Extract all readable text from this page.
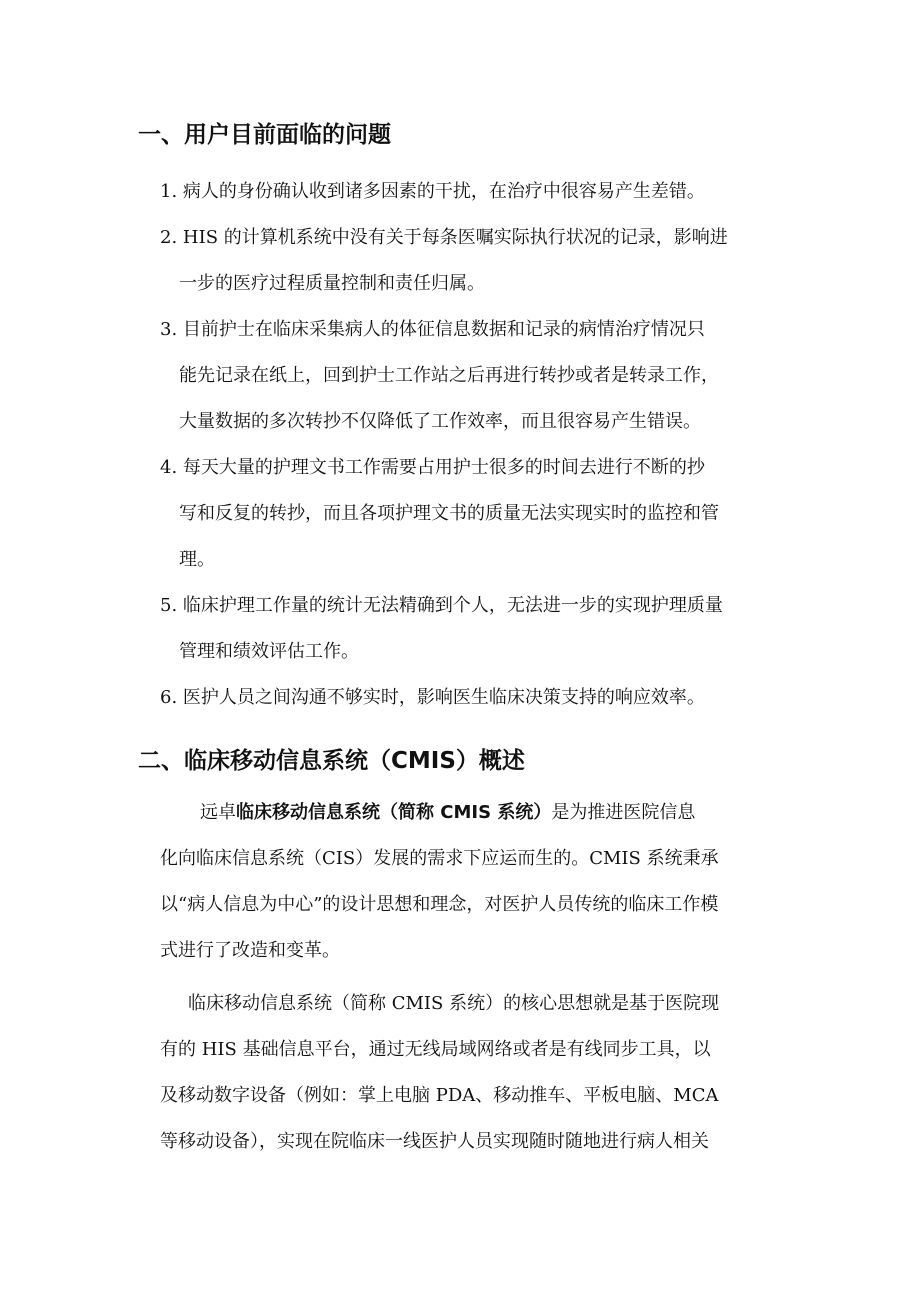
一、用户目前面临的问题
1. 病人的身份确认收到诸多因素的干扰，在治疗中很容易产生差错。
2. HIS 的计算机系统中没有关于每条医嘱实际执行状况的记录，影响进
一步的医疗过程质量控制和责任归属。
3. 目前护士在临床采集病人的体征信息数据和记录的病情治疗情况只
能先记录在纸上，回到护士工作站之后再进行转抄或者是转录工作，
大量数据的多次转抄不仅降低了工作效率，而且很容易产生错误。
4. 每天大量的护理文书工作需要占用护士很多的时间去进行不断的抄
写和反复的转抄，而且各项护理文书的质量无法实现实时的监控和管
理。
5. 临床护理工作量的统计无法精确到个人，无法进一步的实现护理质量
管理和绩效评估工作。
6. 医护人员之间沟通不够实时，影响医生临床决策支持的响应效率。
二、临床移动信息系统（CMIS）概述
远卓临床移动信息系统（简称 CMIS 系统）是为推进医院信息
化向临床信息系统（CIS）发展的需求下应运而生的。CMIS 系统秉承
以“病人信息为中心”的设计思想和理念，对医护人员传统的临床工作模
式进行了改造和变革。
临床移动信息系统（简称 CMIS 系统）的核心思想就是基于医院现
有的 HIS 基础信息平台，通过无线局域网络或者是有线同步工具，以
及移动数字设备（例如：掌上电脑 PDA、移动推车、平板电脑、MCA
等移动设备），实现在院临床一线医护人员实现随时随地进行病人相关
